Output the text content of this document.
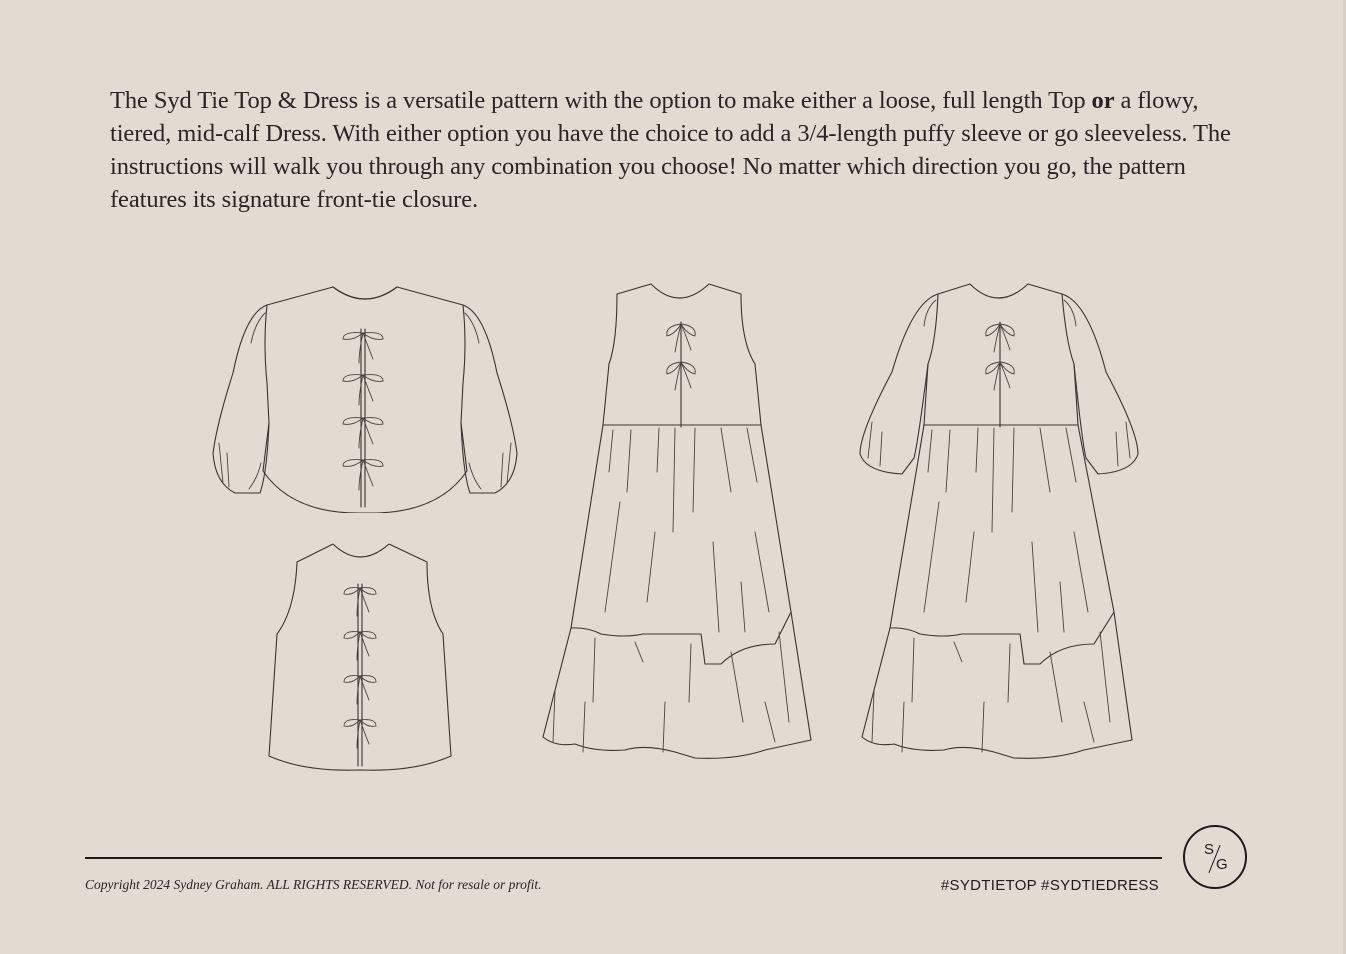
The Syd Tie Top & Dress is a versatile pattern with the option to make either a loose, full length Top or a flowy, tiered, mid-calf Dress. With either option you have the choice to add a 3/4-length puffy sleeve or go sleeveless. The instructions will walk you through any combination you choose! No matter which direction you go, the pattern features its signature front-tie closure.

Copyright 2024 Sydney Graham. ALL RIGHTS RESERVED. Not for resale or profit.	#SYDTIETOP #SYDTIEDRESS
S
G
